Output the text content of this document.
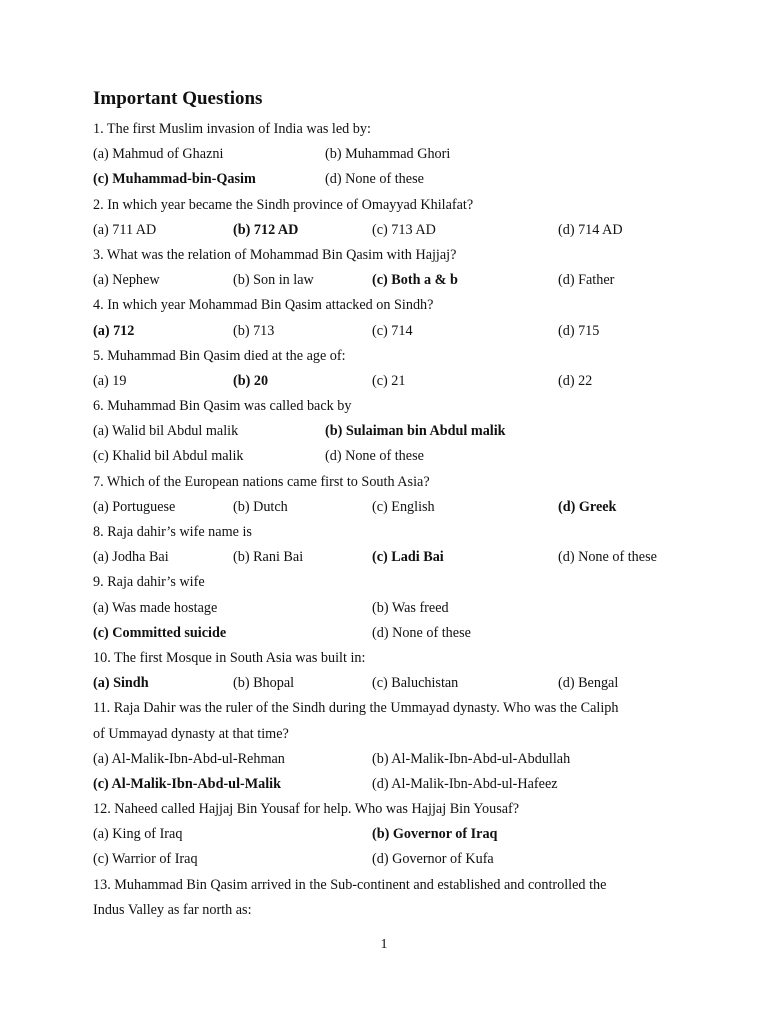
Important Questions
1. The first Muslim invasion of India was led by:
(a) Mahmud of Ghazni	(b) Muhammad Ghori
(c) Muhammad-bin-Qasim	(d) None of these
2. In which year became the Sindh province of Omayyad Khilafat?
(a) 711 AD	(b) 712 AD	(c) 713 AD	(d) 714 AD
3. What was the relation of Mohammad Bin Qasim with Hajjaj?
(a) Nephew	(b) Son in law	(c) Both a & b	(d) Father
4. In which year Mohammad Bin Qasim attacked on Sindh?
(a) 712	(b) 713	(c) 714	(d) 715
5. Muhammad Bin Qasim died at the age of:
(a) 19	(b) 20	(c) 21	(d) 22
6. Muhammad Bin Qasim was called back by
(a) Walid bil Abdul malik	(b) Sulaiman bin Abdul malik
(c) Khalid bil Abdul malik	(d) None of these
7. Which of the European nations came first to South Asia?
(a) Portuguese	(b) Dutch	(c) English	(d) Greek
8. Raja dahir’s wife name is
(a) Jodha Bai	(b) Rani Bai	(c) Ladi Bai	(d) None of these
9. Raja dahir’s wife
(a) Was made hostage	(b) Was freed
(c) Committed suicide	(d) None of these
10. The first Mosque in South Asia was built in:
(a) Sindh	(b) Bhopal	(c) Baluchistan	(d) Bengal
11. Raja Dahir was the ruler of the Sindh during the Ummayad dynasty. Who was the Caliph
of Ummayad dynasty at that time?
(a) Al-Malik-Ibn-Abd-ul-Rehman	(b) Al-Malik-Ibn-Abd-ul-Abdullah
(c) Al-Malik-Ibn-Abd-ul-Malik	(d) Al-Malik-Ibn-Abd-ul-Hafeez
12. Naheed called Hajjaj Bin Yousaf for help. Who was Hajjaj Bin Yousaf?
(a) King of Iraq	(b) Governor of Iraq
(c) Warrior of Iraq	(d) Governor of Kufa
13. Muhammad Bin Qasim arrived in the Sub-continent and established and controlled the
Indus Valley as far north as:
1
